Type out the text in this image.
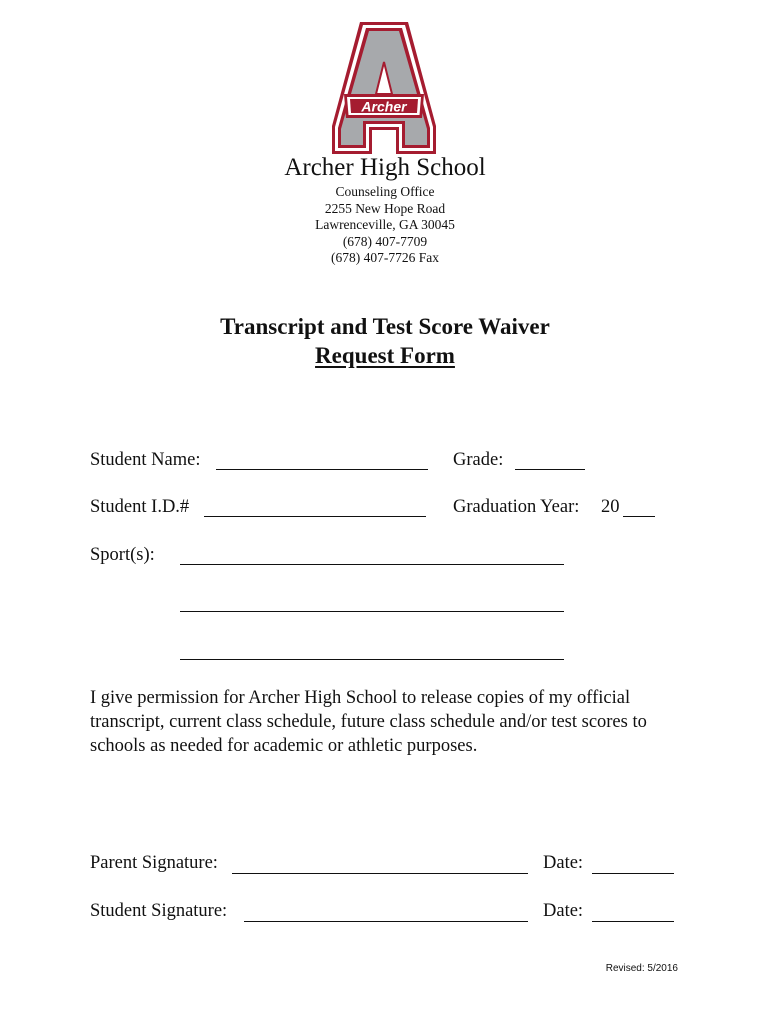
Archer
Archer High School
Counseling Office
2255 New Hope Road
Lawrenceville, GA 30045
(678) 407-7709
(678) 407-7726 Fax
Transcript and Test Score Waiver
Request Form
Student Name:	Grade:
Student I.D.#	Graduation Year: 20
Sport(s):
I give permission for Archer High School to release copies of my official transcript, current class schedule, future class schedule and/or test scores to schools as needed for academic or athletic purposes.
Parent Signature:	Date:
Student Signature:	Date:
Revised: 5/2016
